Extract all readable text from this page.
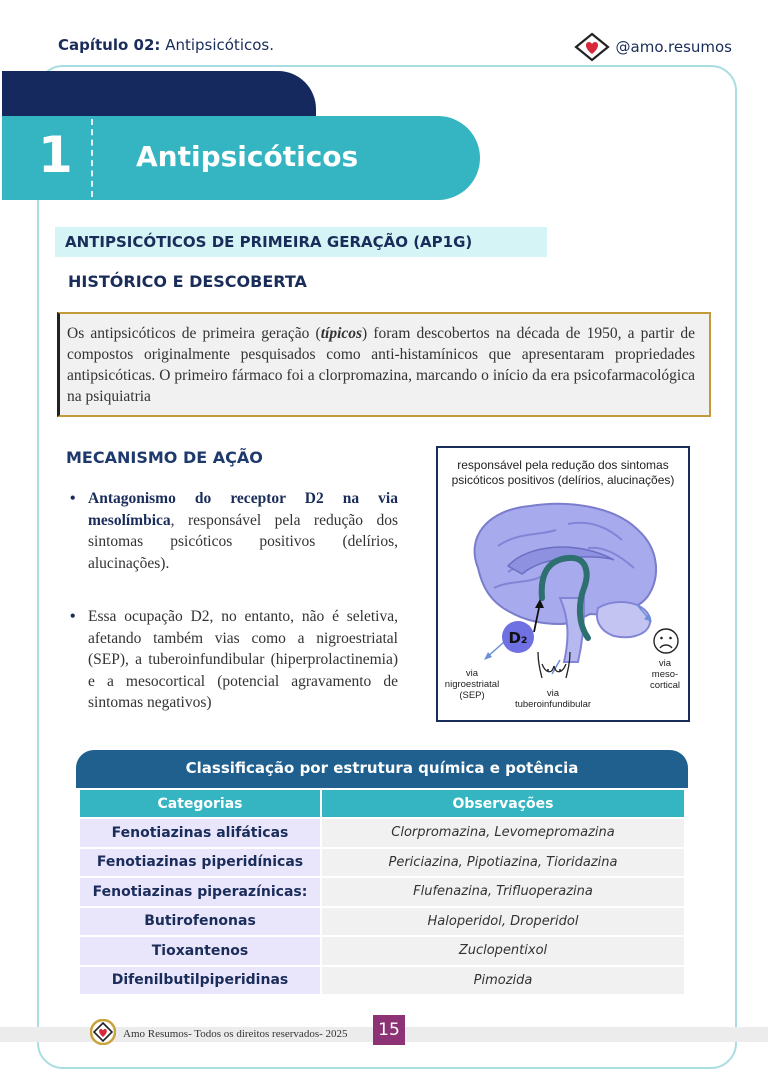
Capítulo 02: Antipsicóticos.	@amo.resumos
1 Antipsicóticos
ANTIPSICÓTICOS DE PRIMEIRA GERAÇÃO (AP1G)
HISTÓRICO E DESCOBERTA

Os antipsicóticos de primeira geração (típicos) foram descobertos na década de 1950, a partir de compostos originalmente pesquisados como anti-histamínicos que apresentaram propriedades antipsicóticas. O primeiro fármaco foi a clorpromazina, marcando o início da era psicofarmacológica na psiquiatria

MECANISMO DE AÇÃO
• Antagonismo do receptor D2 na via mesolímbica, responsável pela redução dos sintomas psicóticos positivos (delírios, alucinações).
• Essa ocupação D2, no entanto, não é seletiva, afetando também vias como a nigroestriatal (SEP), a tuberoinfundibular (hiperprolactinemia) e a mesocortical (potencial agravamento de sintomas negativos)
responsável pela redução dos sintomas psicóticos positivos (delírios, alucinações)
D₂
via
nigroestriatal
(SEP)	via
tuberoinfundibular
via
meso-
cortical
Classificação por estrutura química e potência
Categorias	Observações
Fenotiazinas alifáticas	Clorpromazina, Levomepromazina
Fenotiazinas piperidínicas	Periciazina, Pipotiazina, Tioridazina
Fenotiazinas piperazínicas:	Flufenazina, Trifluoperazina
Butirofenonas	Haloperidol, Droperidol
Tioxantenos	Zuclopentixol
Difenilbutilpiperidinas	Pimozida
Amo Resumos- Todos os direitos reservados- 2025	15
